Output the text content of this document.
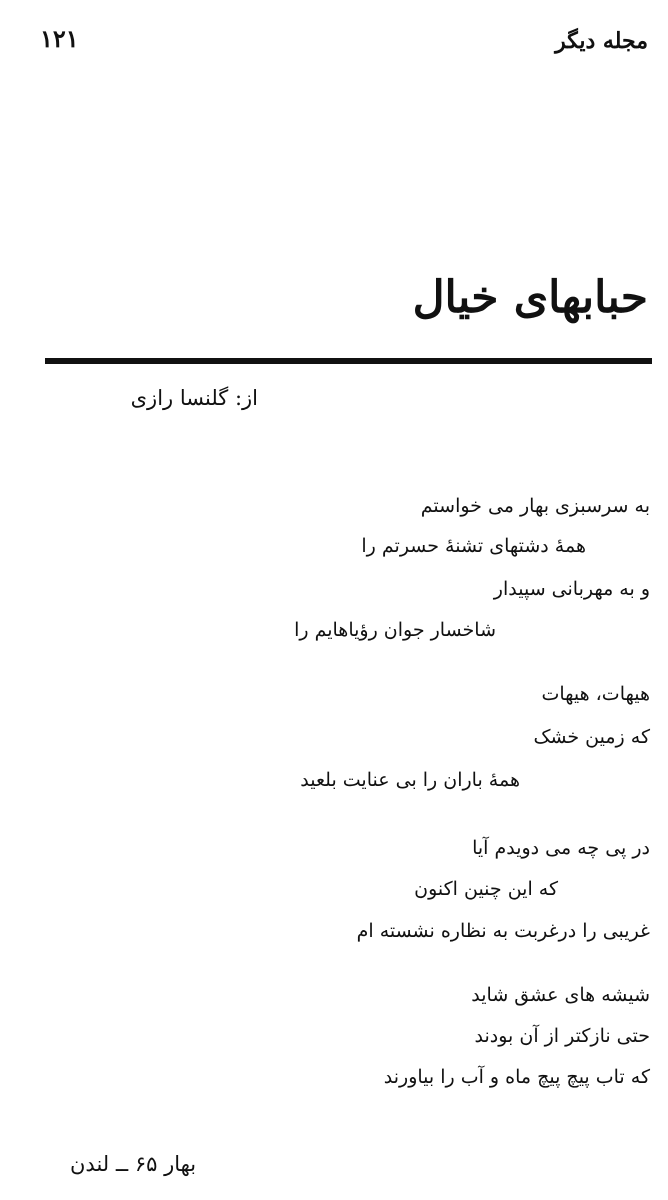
مجله دیگر
۱۲۱
حبابهای خیال
از: گلنسا رازی
به سرسبزی بهار می خواستم
همهٔ دشتهای تشنهٔ حسرتم را
و به مهربانی سپیدار
شاخسار جوان رؤیاهایم را
هیهات، هیهات
که زمین خشک
همهٔ باران را بی عنایت بلعید
در پی چه می دویدم آیا
که این چنین اکنون
غریبی را درغربت به نظاره نشسته ام
شیشه های عشق شاید
حتی نازکتر از آن بودند
که تاب پیچ پیچ ماه و آب را بیاورند
بهار ۶۵ ــ لندن
